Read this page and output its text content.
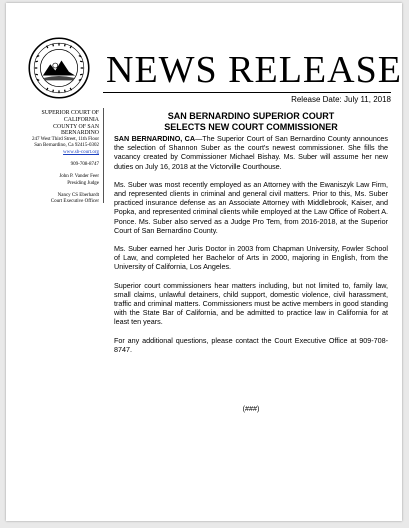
NEWS RELEASE
Release Date: July 11, 2018
SUPERIOR COURT OF
CALIFORNIA
COUNTY OF SAN BERNARDINO
247 West Third Street, 11th Floor
San Bernardino, Ca 92415-0302
www.sb-court.org
909-708-8747
John P. Vander Feer
Presiding Judge
Nancy CS Eberhardt
Court Executive Officer
SAN BERNARDINO SUPERIOR COURT
SELECTS NEW COURT COMMISSIONER

SAN BERNARDINO, CA—The Superior Court of San Bernardino County announces the selection of Shannon Suber as the court's newest commissioner. She fills the vacancy created by Commissioner Michael Bishay. Ms. Suber will assume her new duties on July 16, 2018 at the Victorville Courthouse.

Ms. Suber was most recently employed as an Attorney with the Ewaniszyk Law Firm, and represented clients in criminal and general civil matters. Prior to this, Ms. Suber practiced insurance defense as an Associate Attorney with Middlebrook, Kaiser, and Popka, and represented criminal clients while employed at the Law Office of Robert A. Ponce. Ms. Suber also served as a Judge Pro Tem, from 2016-2018, at the Superior Court of San Bernardino County.

Ms. Suber earned her Juris Doctor in 2003 from Chapman University, Fowler School of Law, and completed her Bachelor of Arts in 2000, majoring in English, from the University of California, Los Angeles.

Superior court commissioners hear matters including, but not limited to, family law, small claims, unlawful detainers, child support, domestic violence, civil harassment, traffic and criminal matters. Commissioners must be active members in good standing with the State Bar of California, and be admitted to practice law in California for at least ten years.

For any additional questions, please contact the Court Executive Office at 909-708-8747.

(###)
